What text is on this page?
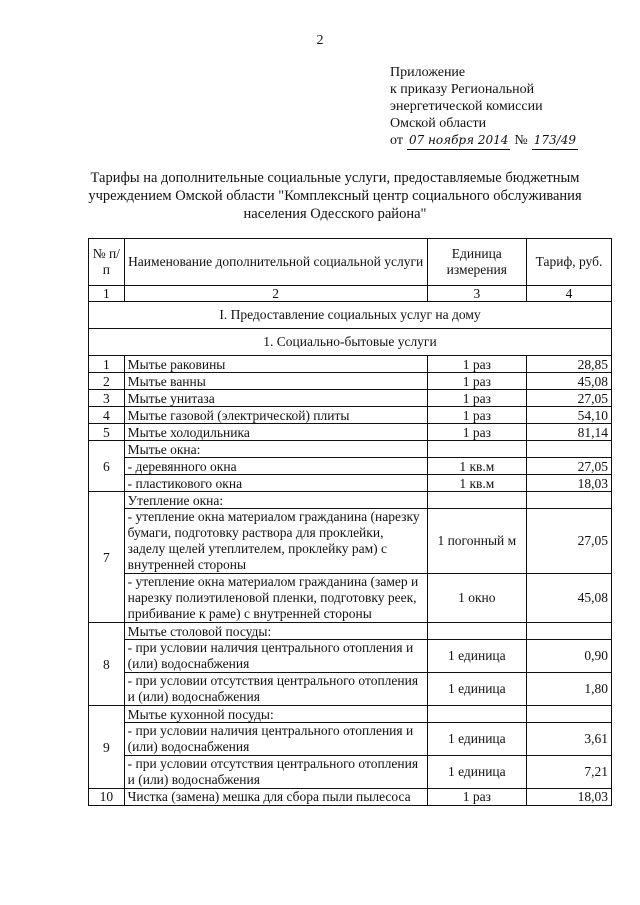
2
Приложение
к приказу Региональной
энергетической комиссии
Омской области
от 07 ноября 2014 № 173/49
Тарифы на дополнительные социальные услуги, предоставляемые бюджетным учреждением Омской области "Комплексный центр социального обслуживания населения Одесского района"
№ п/п	Наименование дополнительной социальной услуги	Единица измерения	Тариф, руб.
1	2	3	4
I. Предоставление социальных услуг на дому			
1. Социально-бытовые услуги			
1	Мытье раковины	1 раз	28,85
2	Мытье ванны	1 раз	45,08
3	Мытье унитаза	1 раз	27,05
4	Мытье газовой (электрической) плиты	1 раз	54,10
5	Мытье холодильника	1 раз	81,14
6	Мытье окна:		
	- деревянного окна	1 кв.м	27,05
	- пластикового окна	1 кв.м	18,03
7	Утепление окна:		
	- утепление окна материалом гражданина (нарезку бумаги, подготовку раствора для проклейки, заделу щелей утеплителем, проклейку рам) с внутренней стороны	1 погонный м	27,05
	- утепление окна материалом гражданина (замер и нарезку полиэтиленовой пленки, подготовку реек, прибивание к раме) с внутренней стороны	1 окно	45,08
8	Мытье столовой посуды:		
	- при условии наличия центрального отопления и (или) водоснабжения	1 единица	0,90
	- при условии отсутствия центрального отопления и (или) водоснабжения	1 единица	1,80
9	Мытье кухонной посуды:		
	- при условии наличия центрального отопления и (или) водоснабжения	1 единица	3,61
	- при условии отсутствия центрального отопления и (или) водоснабжения	1 единица	7,21
10	Чистка (замена) мешка для сбора пыли пылесоса	1 раз	18,03
